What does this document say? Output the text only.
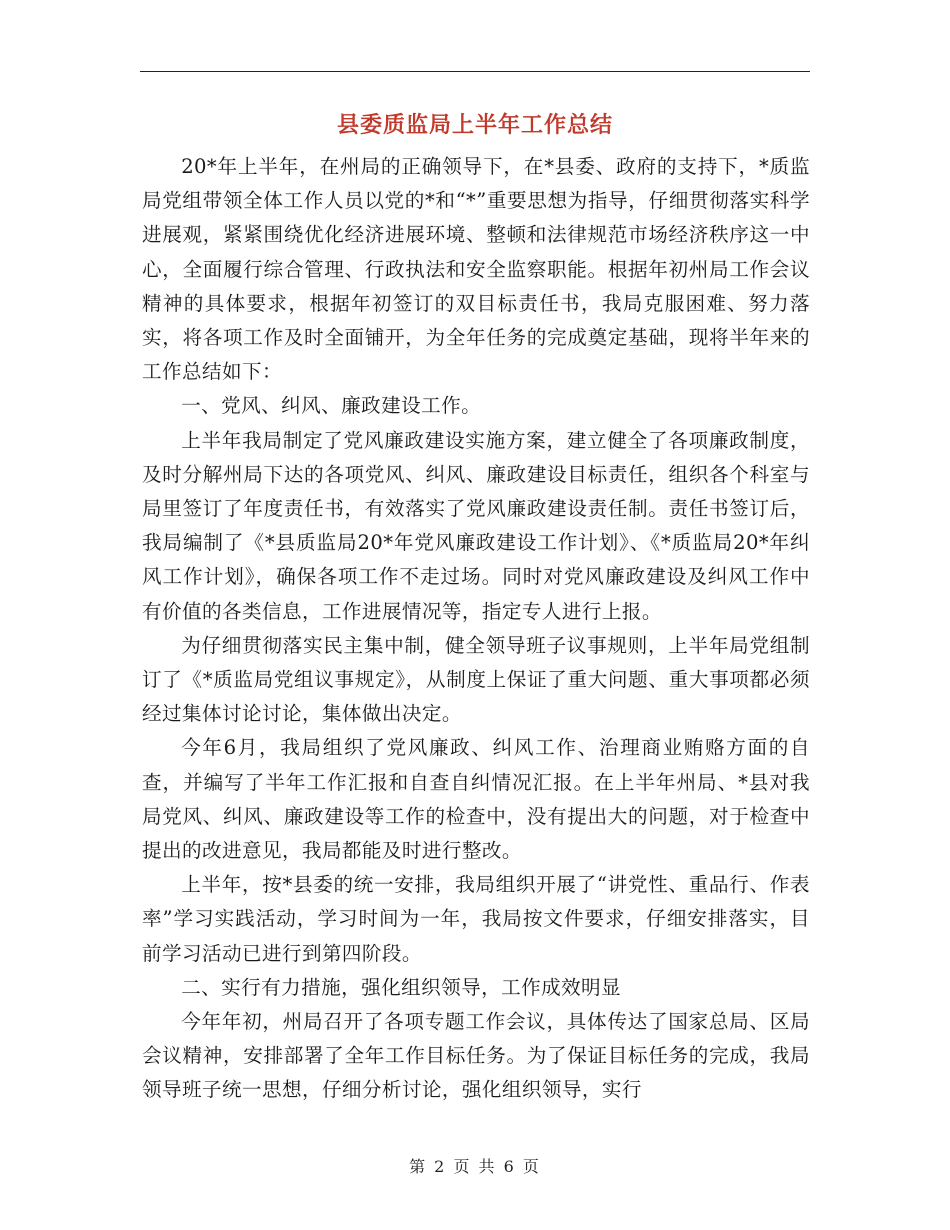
县委质监局上半年工作总结

20*年上半年，在州局的正确领导下，在*县委、政府的支持下，*质监局党组带领全体工作人员以党的*和“*”重要思想为指导，仔细贯彻落实科学进展观，紧紧围绕优化经济进展环境、整顿和法律规范市场经济秩序这一中心，全面履行综合管理、行政执法和安全监察职能。根据年初州局工作会议精神的具体要求，根据年初签订的双目标责任书，我局克服困难、努力落实，将各项工作及时全面铺开，为全年任务的完成奠定基础，现将半年来的工作总结如下：

一、党风、纠风、廉政建设工作。

上半年我局制定了党风廉政建设实施方案，建立健全了各项廉政制度，及时分解州局下达的各项党风、纠风、廉政建设目标责任，组织各个科室与局里签订了年度责任书，有效落实了党风廉政建设责任制。责任书签订后，我局编制了《*县质监局20*年党风廉政建设工作计划》、《*质监局20*年纠风工作计划》，确保各项工作不走过场。同时对党风廉政建设及纠风工作中有价值的各类信息，工作进展情况等，指定专人进行上报。

为仔细贯彻落实民主集中制，健全领导班子议事规则，上半年局党组制订了《*质监局党组议事规定》，从制度上保证了重大问题、重大事项都必须经过集体讨论讨论，集体做出决定。

今年6月，我局组织了党风廉政、纠风工作、治理商业贿赂方面的自查，并编写了半年工作汇报和自查自纠情况汇报。在上半年州局、*县对我局党风、纠风、廉政建设等工作的检查中，没有提出大的问题，对于检查中提出的改进意见，我局都能及时进行整改。

上半年，按*县委的统一安排，我局组织开展了“讲党性、重品行、作表率”学习实践活动，学习时间为一年，我局按文件要求，仔细安排落实，目前学习活动已进行到第四阶段。

二、实行有力措施，强化组织领导，工作成效明显

今年年初，州局召开了各项专题工作会议，具体传达了国家总局、区局会议精神，安排部署了全年工作目标任务。为了保证目标任务的完成，我局领导班子统一思想，仔细分析讨论，强化组织领导，实行

第 2 页 共 6 页
